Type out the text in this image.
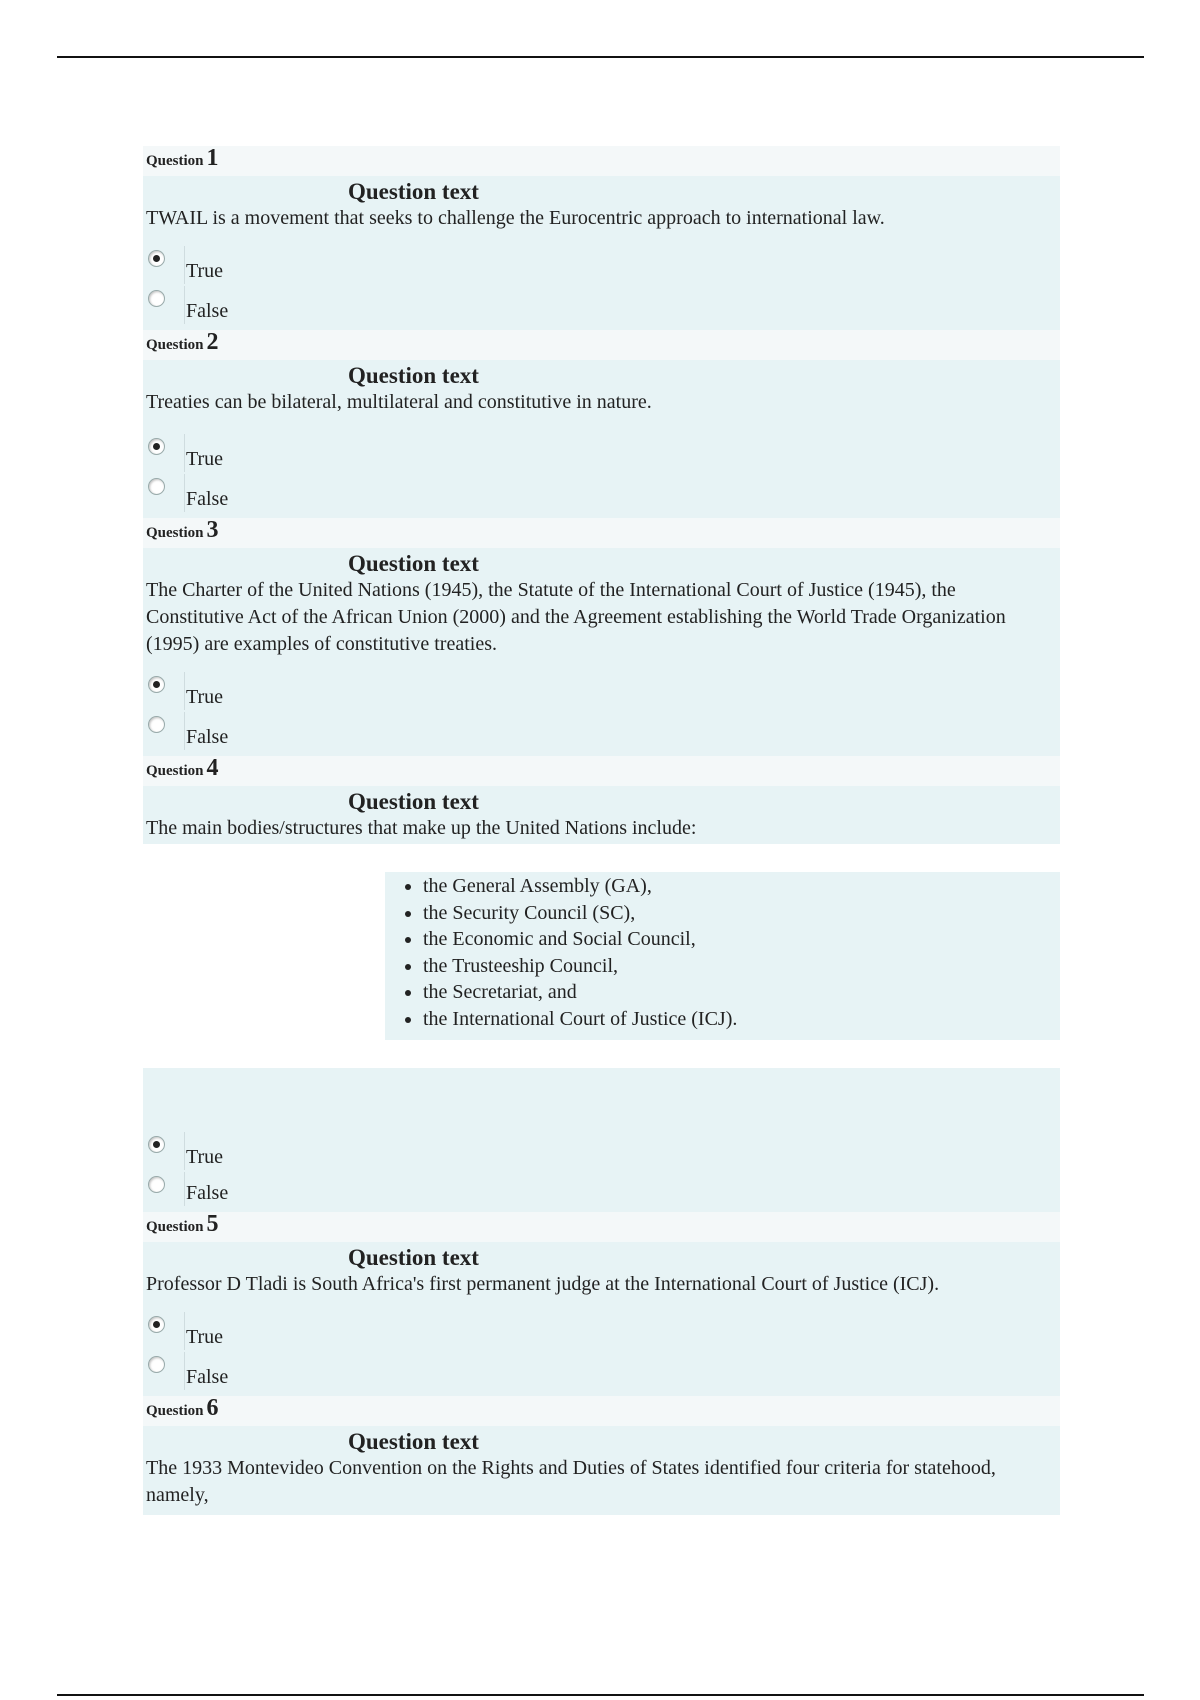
Question 1
Question text
TWAIL is a movement that seeks to challenge the Eurocentric approach to international law.
True
False
Question 2
Question text
Treaties can be bilateral, multilateral and constitutive in nature.
True
False
Question 3
Question text
The Charter of the United Nations (1945), the Statute of the International Court of Justice (1945), the Constitutive Act of the African Union (2000) and the Agreement establishing the World Trade Organization (1995) are examples of constitutive treaties.
True
False
Question 4
Question text
The main bodies/structures that make up the United Nations include:
• the General Assembly (GA),
• the Security Council (SC),
• the Economic and Social Council,
• the Trusteeship Council,
• the Secretariat, and
• the International Court of Justice (ICJ).
True
False
Question 5
Question text
Professor D Tladi is South Africa's first permanent judge at the International Court of Justice (ICJ).
True
False
Question 6
Question text
The 1933 Montevideo Convention on the Rights and Duties of States identified four criteria for statehood, namely,
